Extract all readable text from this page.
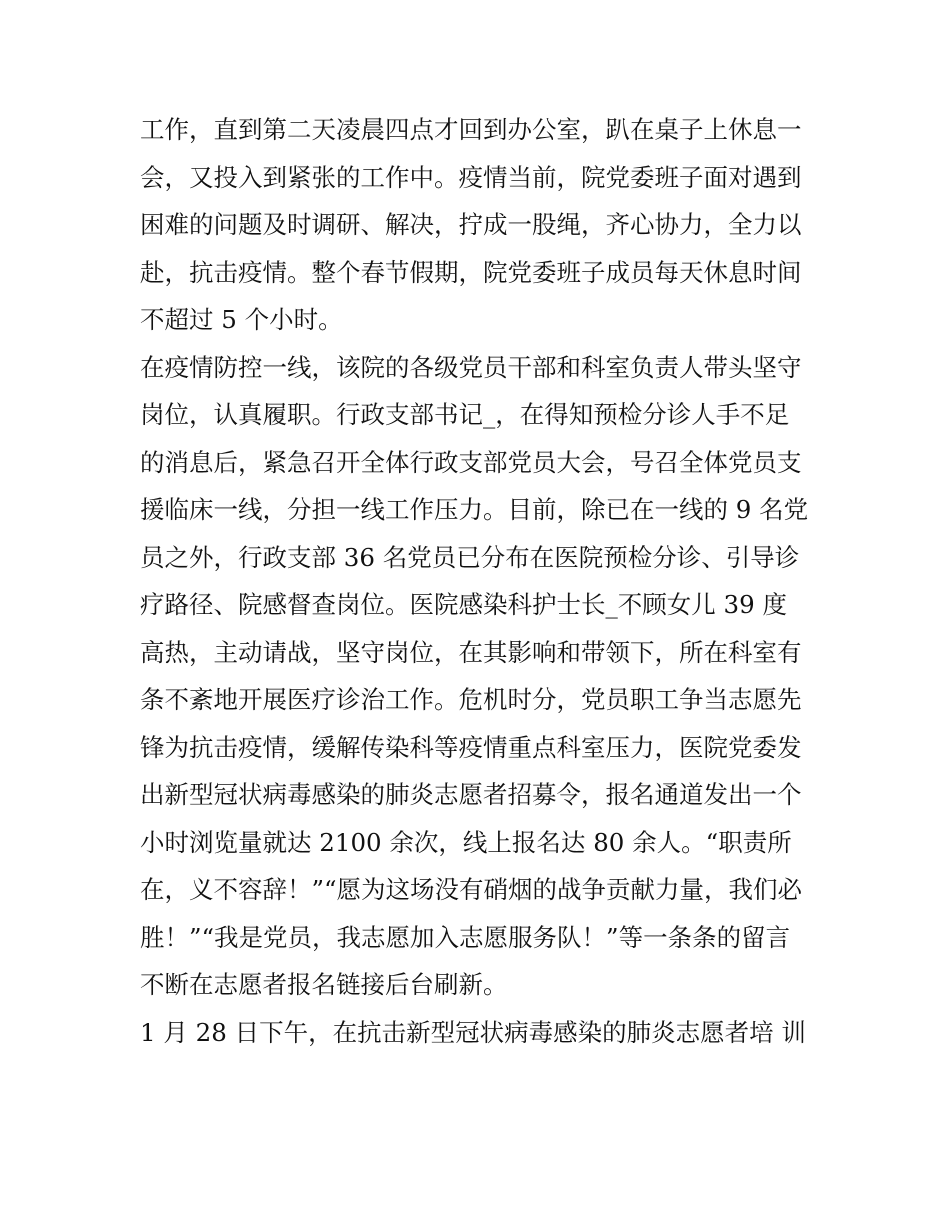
工作，直到第二天凌晨四点才回到办公室，趴在桌子上休息一
会，又投入到紧张的工作中。疫情当前，院党委班子面对遇到
困难的问题及时调研、解决，拧成一股绳，齐心协力，全力以
赴，抗击疫情。整个春节假期，院党委班子成员每天休息时间
不超过 5 个小时。
在疫情防控一线，该院的各级党员干部和科室负责人带头坚守
岗位，认真履职。行政支部书记_，在得知预检分诊人手不足
的消息后，紧急召开全体行政支部党员大会，号召全体党员支
援临床一线，分担一线工作压力。目前，除已在一线的 9 名党
员之外，行政支部 36 名党员已分布在医院预检分诊、引导诊
疗路径、院感督查岗位。医院感染科护士长_不顾女儿 39 度
高热，主动请战，坚守岗位，在其影响和带领下，所在科室有
条不紊地开展医疗诊治工作。危机时分，党员职工争当志愿先
锋为抗击疫情，缓解传染科等疫情重点科室压力，医院党委发
出新型冠状病毒感染的肺炎志愿者招募令，报名通道发出一个
小时浏览量就达 2100 余次，线上报名达 80 余人。“职责所
在，义不容辞！”“愿为这场没有硝烟的战争贡献力量，我们必
胜！”“我是党员，我志愿加入志愿服务队！”等一条条的留言
不断在志愿者报名链接后台刷新。
1 月 28 日下午，在抗击新型冠状病毒感染的肺炎志愿者培 训
